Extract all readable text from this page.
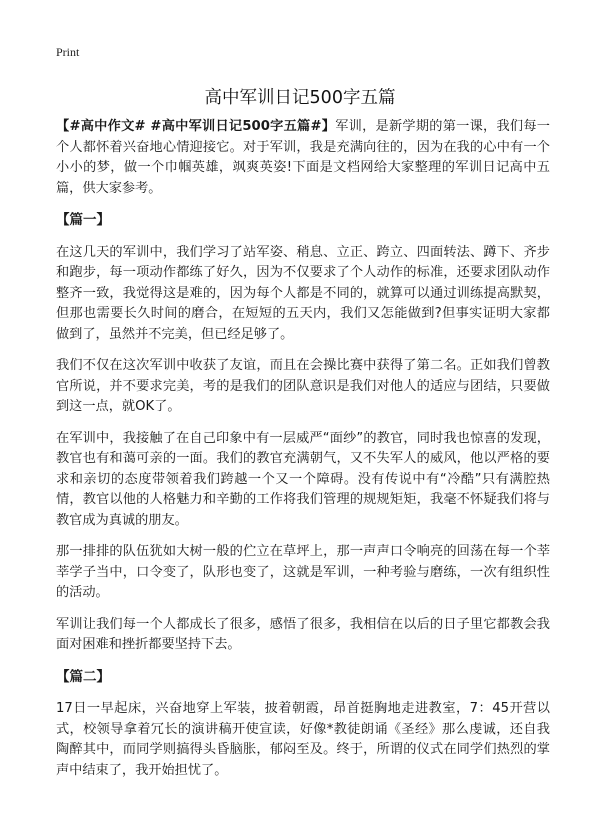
Print
高中军训日记500字五篇

【#高中作文# #高中军训日记500字五篇#】军训，是新学期的第一课，我们每一个人都怀着兴奋地心情迎接它。对于军训，我是充满向往的，因为在我的心中有一个小小的梦，做一个巾帼英雄，飒爽英姿!下面是文档网给大家整理的军训日记高中五篇，供大家参考。

【篇一】

在这几天的军训中，我们学习了站军姿、稍息、立正、跨立、四面转法、蹲下、齐步和跑步，每一项动作都练了好久，因为不仅要求了个人动作的标准，还要求团队动作整齐一致，我觉得这是难的，因为每个人都是不同的，就算可以通过训练提高默契，但那也需要长久时间的磨合，在短短的五天内，我们又怎能做到?但事实证明大家都做到了，虽然并不完美，但已经足够了。

我们不仅在这次军训中收获了友谊，而且在会操比赛中获得了第二名。正如我们曾教官所说，并不要求完美，考的是我们的团队意识是我们对他人的适应与团结，只要做到这一点，就OK了。

在军训中，我接触了在自己印象中有一层威严“面纱”的教官，同时我也惊喜的发现，教官也有和蔼可亲的一面。我们的教官充满朝气，又不失军人的威风，他以严格的要求和亲切的态度带领着我们跨越一个又一个障碍。没有传说中有“冷酷”只有满腔热情，教官以他的人格魅力和辛勤的工作将我们管理的规规矩矩，我毫不怀疑我们将与教官成为真诚的朋友。

那一排排的队伍犹如大树一般的伫立在草坪上，那一声声口令响亮的回荡在每一个莘莘学子当中，口令变了，队形也变了，这就是军训，一种考验与磨练，一次有组织性的活动。

军训让我们每一个人都成长了很多，感悟了很多，我相信在以后的日子里它都教会我面对困难和挫折都要坚持下去。

【篇二】

17日一早起床，兴奋地穿上军装，披着朝霞，昂首挺胸地走进教室，7：45开营以式，校领导拿着冗长的演讲稿开使宣读，好像*教徒朗诵《圣经》那么虔诚，还自我陶醉其中，而同学则搞得头昏脑胀，郁闷至及。终于，所谓的仪式在同学们热烈的掌声中结束了，我开始担忧了。
